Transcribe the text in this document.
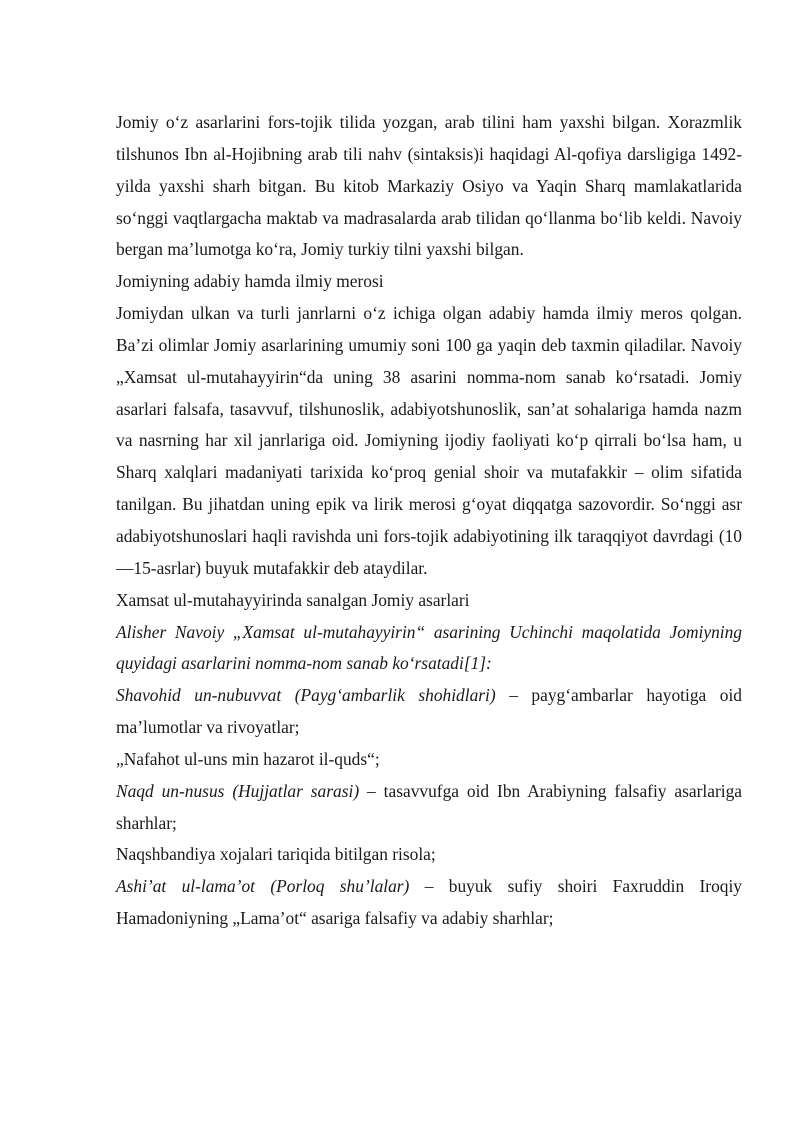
Jomiy o‘z asarlarini fors-tojik tilida yozgan, arab tilini ham yaxshi bilgan. Xorazmlik tilshunos Ibn al-Hojibning arab tili nahv (sintaksis)i haqidagi Al-qofiya darsligiga 1492-yilda yaxshi sharh bitgan. Bu kitob Markaziy Osiyo va Yaqin Sharq mamlakatlarida so‘nggi vaqtlargacha maktab va madrasalarda arab tilidan qo‘llanma bo‘lib keldi. Navoiy bergan ma’lumotga ko‘ra, Jomiy turkiy tilni yaxshi bilgan.

Jomiyning adabiy hamda ilmiy merosi

Jomiydan ulkan va turli janrlarni o‘z ichiga olgan adabiy hamda ilmiy meros qolgan. Ba’zi olimlar Jomiy asarlarining umumiy soni 100 ga yaqin deb taxmin qiladilar. Navoiy „Xamsat ul-mutahayyirin“da uning 38 asarini nomma-nom sanab ko‘rsatadi. Jomiy asarlari falsafa, tasavvuf, tilshunoslik, adabiyotshunoslik, san’at sohalariga hamda nazm va nasrning har xil janrlariga oid. Jomiyning ijodiy faoliyati ko‘p qirrali bo‘lsa ham, u Sharq xalqlari madaniyati tarixida ko‘proq genial shoir va mutafakkir – olim sifatida tanilgan. Bu jihatdan uning epik va lirik merosi g‘oyat diqqatga sazovordir. So‘nggi asr adabiyotshunoslari haqli ravishda uni fors-tojik adabiyotining ilk taraqqiyot davrdagi (10—15-asrlar) buyuk mutafakkir deb ataydilar.

Xamsat ul-mutahayyirinda sanalgan Jomiy asarlari

Alisher Navoiy „Xamsat ul-mutahayyirin“ asarining Uchinchi maqolatida Jomiyning quyidagi asarlarini nomma-nom sanab ko‘rsatadi[1]:

Shavohid un-nubuvvat (Payg‘ambarlik shohidlari) – payg‘ambarlar hayotiga oid ma’lumotlar va rivoyatlar;

„Nafahot ul-uns min hazarot il-quds“;

Naqd un-nusus (Hujjatlar sarasi) – tasavvufga oid Ibn Arabiyning falsafiy asarlariga sharhlar;

Naqshbandiya xojalari tariqida bitilgan risola;

Ashi’at ul-lama’ot (Porloq shu’lalar) – buyuk sufiy shoiri Faxruddin Iroqiy Hamadoniyning „Lama’ot“ asariga falsafiy va adabiy sharhlar;
